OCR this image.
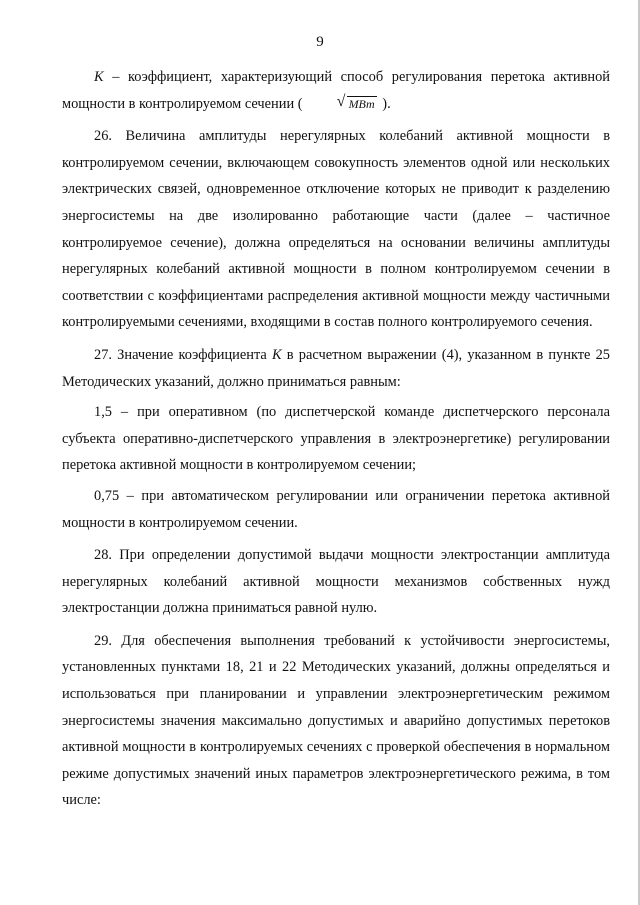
9

K – коэффициент, характеризующий способ регулирования перетока активной мощности в контролируемом сечении (	√ МВт ).

26. Величина амплитуды нерегулярных колебаний активной мощности в контролируемом сечении, включающем совокупность элементов одной или нескольких электрических связей, одновременное отключение которых не приводит к разделению энергосистемы на две изолированно работающие части (далее – частичное контролируемое сечение), должна определяться на основании величины амплитуды нерегулярных колебаний активной мощности в полном контролируемом сечении в соответствии с коэффициентами распределения активной мощности между частичными контролируемыми сечениями, входящими в состав полного контролируемого сечения.

27. Значение коэффициента K в расчетном выражении (4), указанном в пункте 25 Методических указаний, должно приниматься равным:

1,5 – при оперативном (по диспетчерской команде диспетчерского персонала субъекта оперативно-диспетчерского управления в электроэнергетике) регулировании перетока активной мощности в контролируемом сечении;

0,75 – при автоматическом регулировании или ограничении перетока активной мощности в контролируемом сечении.

28. При определении допустимой выдачи мощности электростанции амплитуда нерегулярных колебаний активной мощности механизмов собственных нужд электростанции должна приниматься равной нулю.

29. Для обеспечения выполнения требований к устойчивости энергосистемы, установленных пунктами 18, 21 и 22 Методических указаний, должны определяться и использоваться при планировании и управлении электроэнергетическим режимом энергосистемы значения максимально допустимых и аварийно допустимых перетоков активной мощности в контролируемых сечениях с проверкой обеспечения в нормальном режиме допустимых значений иных параметров электроэнергетического режима, в том числе:
